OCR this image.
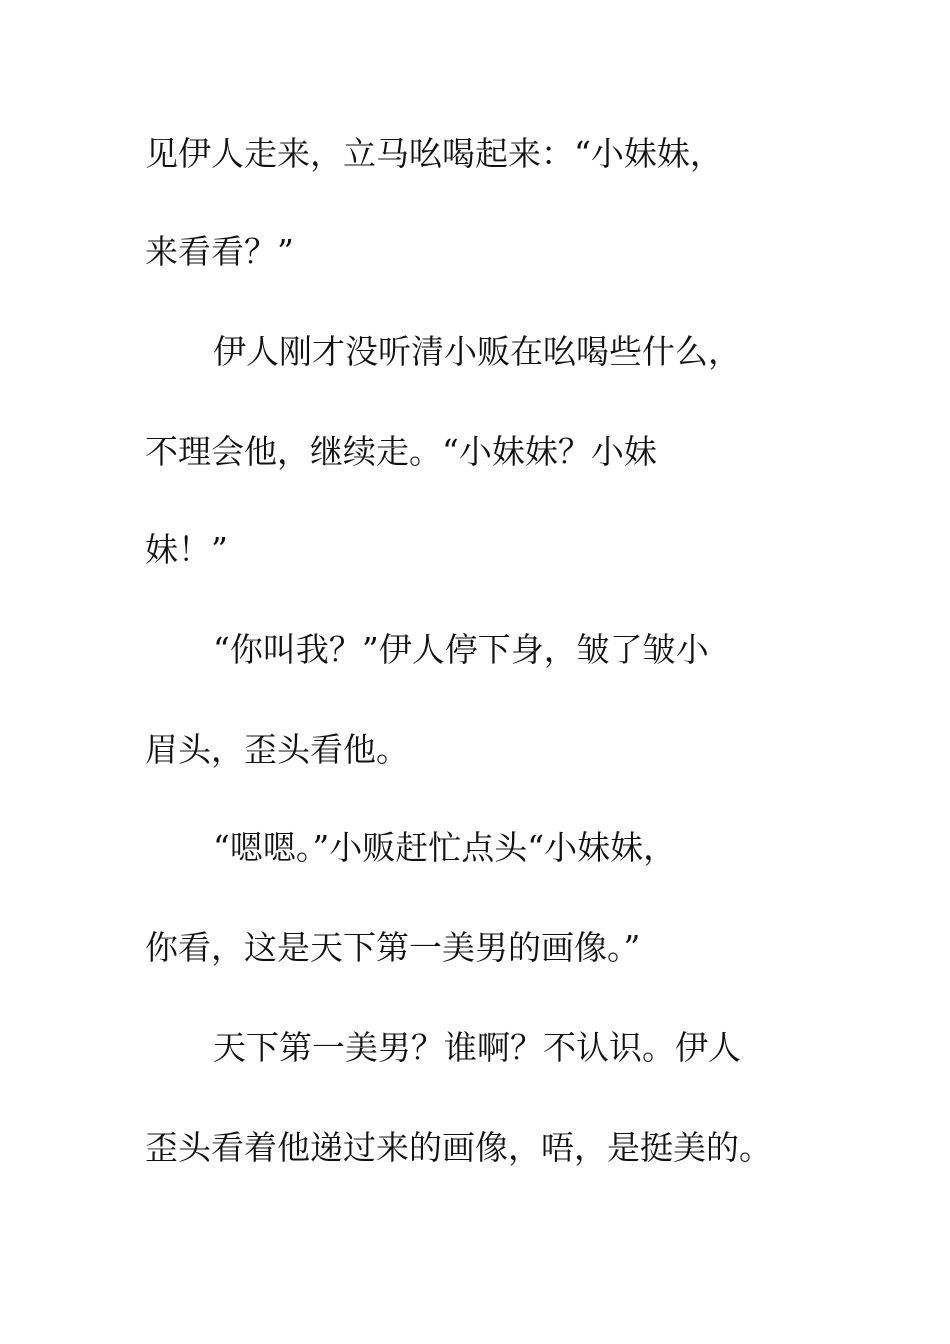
见伊人走来，立马吆喝起来：“小妹妹，

来看看？”

伊人刚才没听清小贩在吆喝些什么，

不理会他，继续走。“小妹妹？小妹

妹！”

“你叫我？”伊人停下身，皱了皱小

眉头，歪头看他。

“嗯嗯。”小贩赶忙点头“小妹妹，

你看，这是天下第一美男的画像。”

天下第一美男？谁啊？不认识。伊人

歪头看着他递过来的画像，唔，是挺美的。
